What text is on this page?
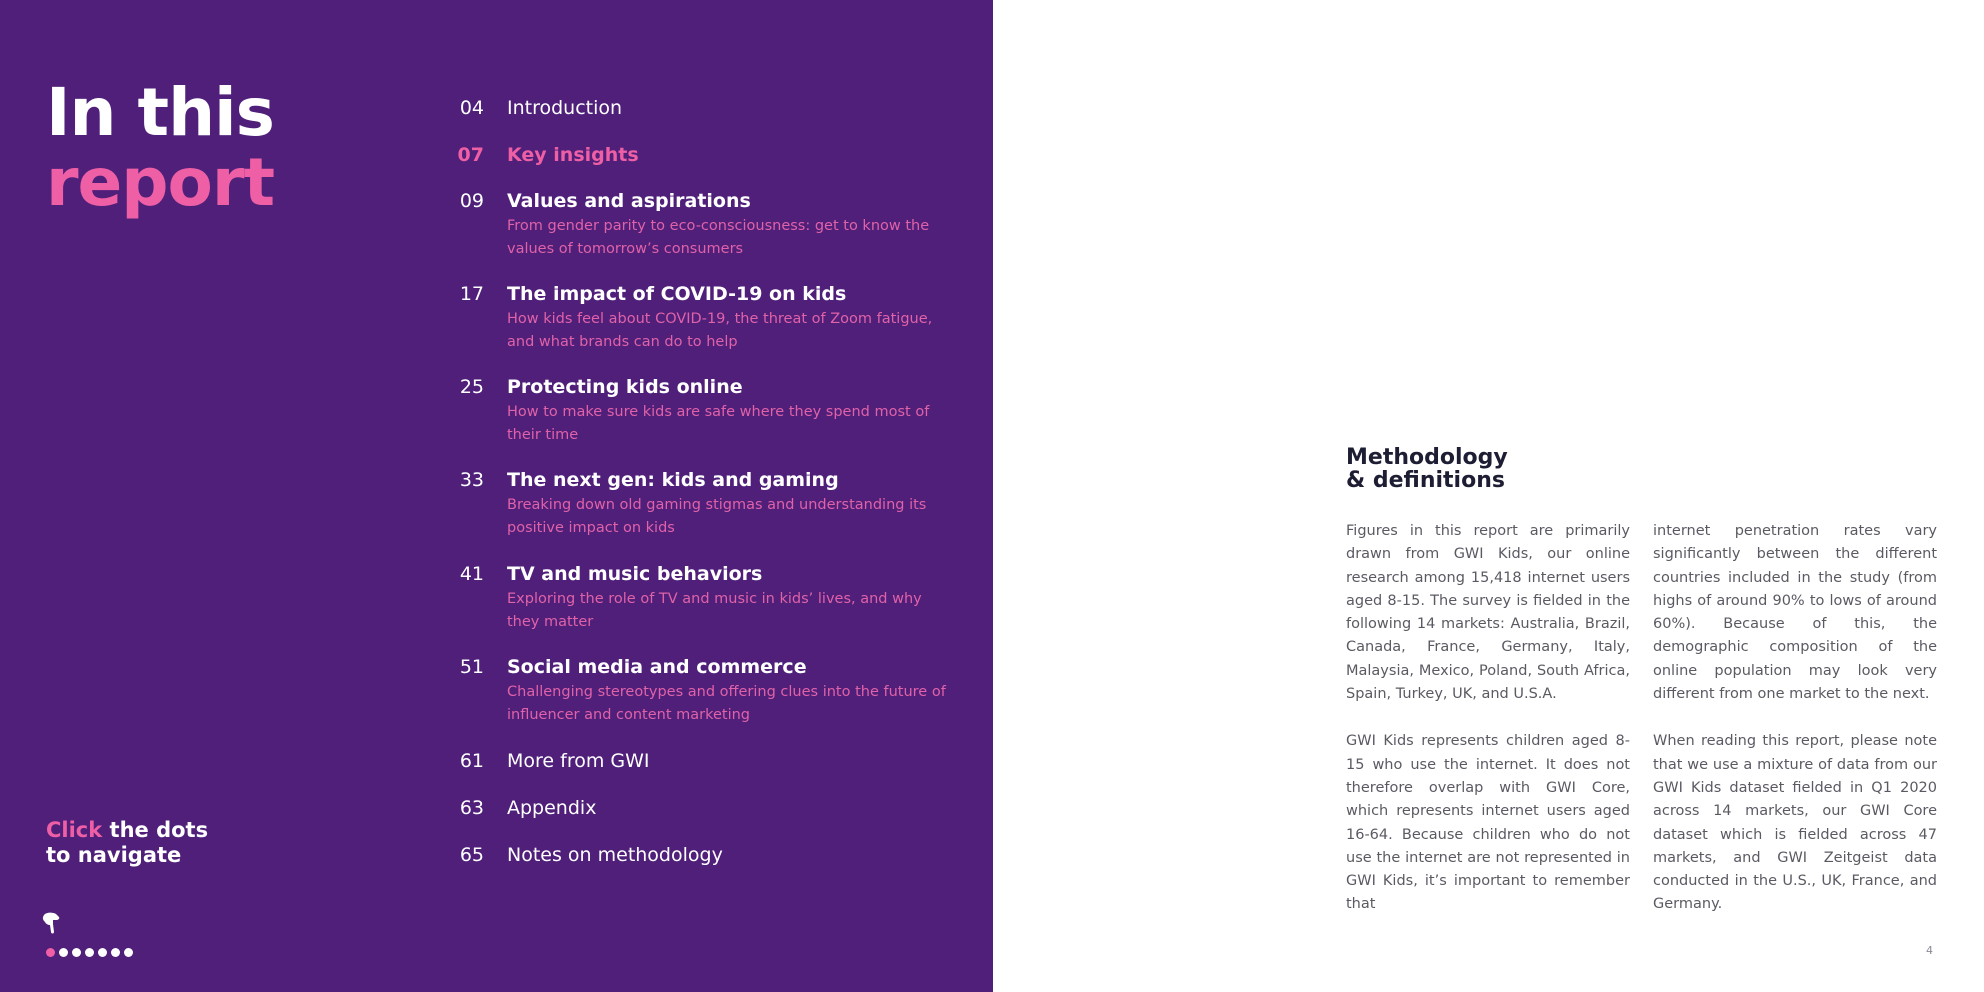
In this
report
04 Introduction
07 Key insights
09 Values and aspirations
From gender parity to eco-consciousness: get to know the values of tomorrow’s consumers
17 The impact of COVID-19 on kids
How kids feel about COVID-19, the threat of Zoom fatigue, and what brands can do to help
25 Protecting kids online
How to make sure kids are safe where they spend most of their time
33 The next gen: kids and gaming
Breaking down old gaming stigmas and understanding its positive impact on kids
41 TV and music behaviors
Exploring the role of TV and music in kids’ lives, and why they matter
51 Social media and commerce
Challenging stereotypes and offering clues into the future of influencer and content marketing
61 More from GWI
63 Appendix
65 Notes on methodology
Click the dots
to navigate
Methodology
& definitions

Figures in this report are primarily drawn from GWI Kids, our online research among 15,418 internet users aged 8-15. The survey is fielded in the following 14 markets: Australia, Brazil, Canada, France, Germany, Italy, Malaysia, Mexico, Poland, South Africa, Spain, Turkey, UK, and U.S.A.

GWI Kids represents children aged 8-15 who use the internet. It does not therefore overlap with GWI Core, which represents internet users aged 16-64. Because children who do not use the internet are not represented in GWI Kids, it’s important to remember that

internet penetration rates vary significantly between the different countries included in the study (from highs of around 90% to lows of around 60%). Because of this, the demographic composition of the online population may look very different from one market to the next.

When reading this report, please note that we use a mixture of data from our GWI Kids dataset fielded in Q1 2020 across 14 markets, our GWI Core dataset which is fielded across 47 markets, and GWI Zeitgeist data conducted in the U.S., UK, France, and Germany.

4
